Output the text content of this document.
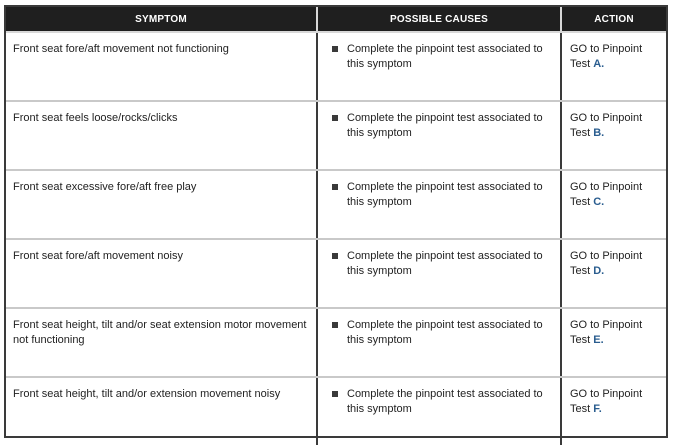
SYMPTOM	POSSIBLE CAUSES	ACTION
Front seat fore/aft movement not functioning	Complete the pinpoint test associated to this symptom	GO to Pinpoint Test A.
Front seat feels loose/rocks/clicks	Complete the pinpoint test associated to this symptom	GO to Pinpoint Test B.
Front seat excessive fore/aft free play	Complete the pinpoint test associated to this symptom	GO to Pinpoint Test C.
Front seat fore/aft movement noisy	Complete the pinpoint test associated to this symptom	GO to Pinpoint Test D.
Front seat height, tilt and/or seat extension motor movement not functioning	Complete the pinpoint test associated to this symptom	GO to Pinpoint Test E.
Front seat height, tilt and/or extension movement noisy	Complete the pinpoint test associated to this symptom	GO to Pinpoint Test F.
